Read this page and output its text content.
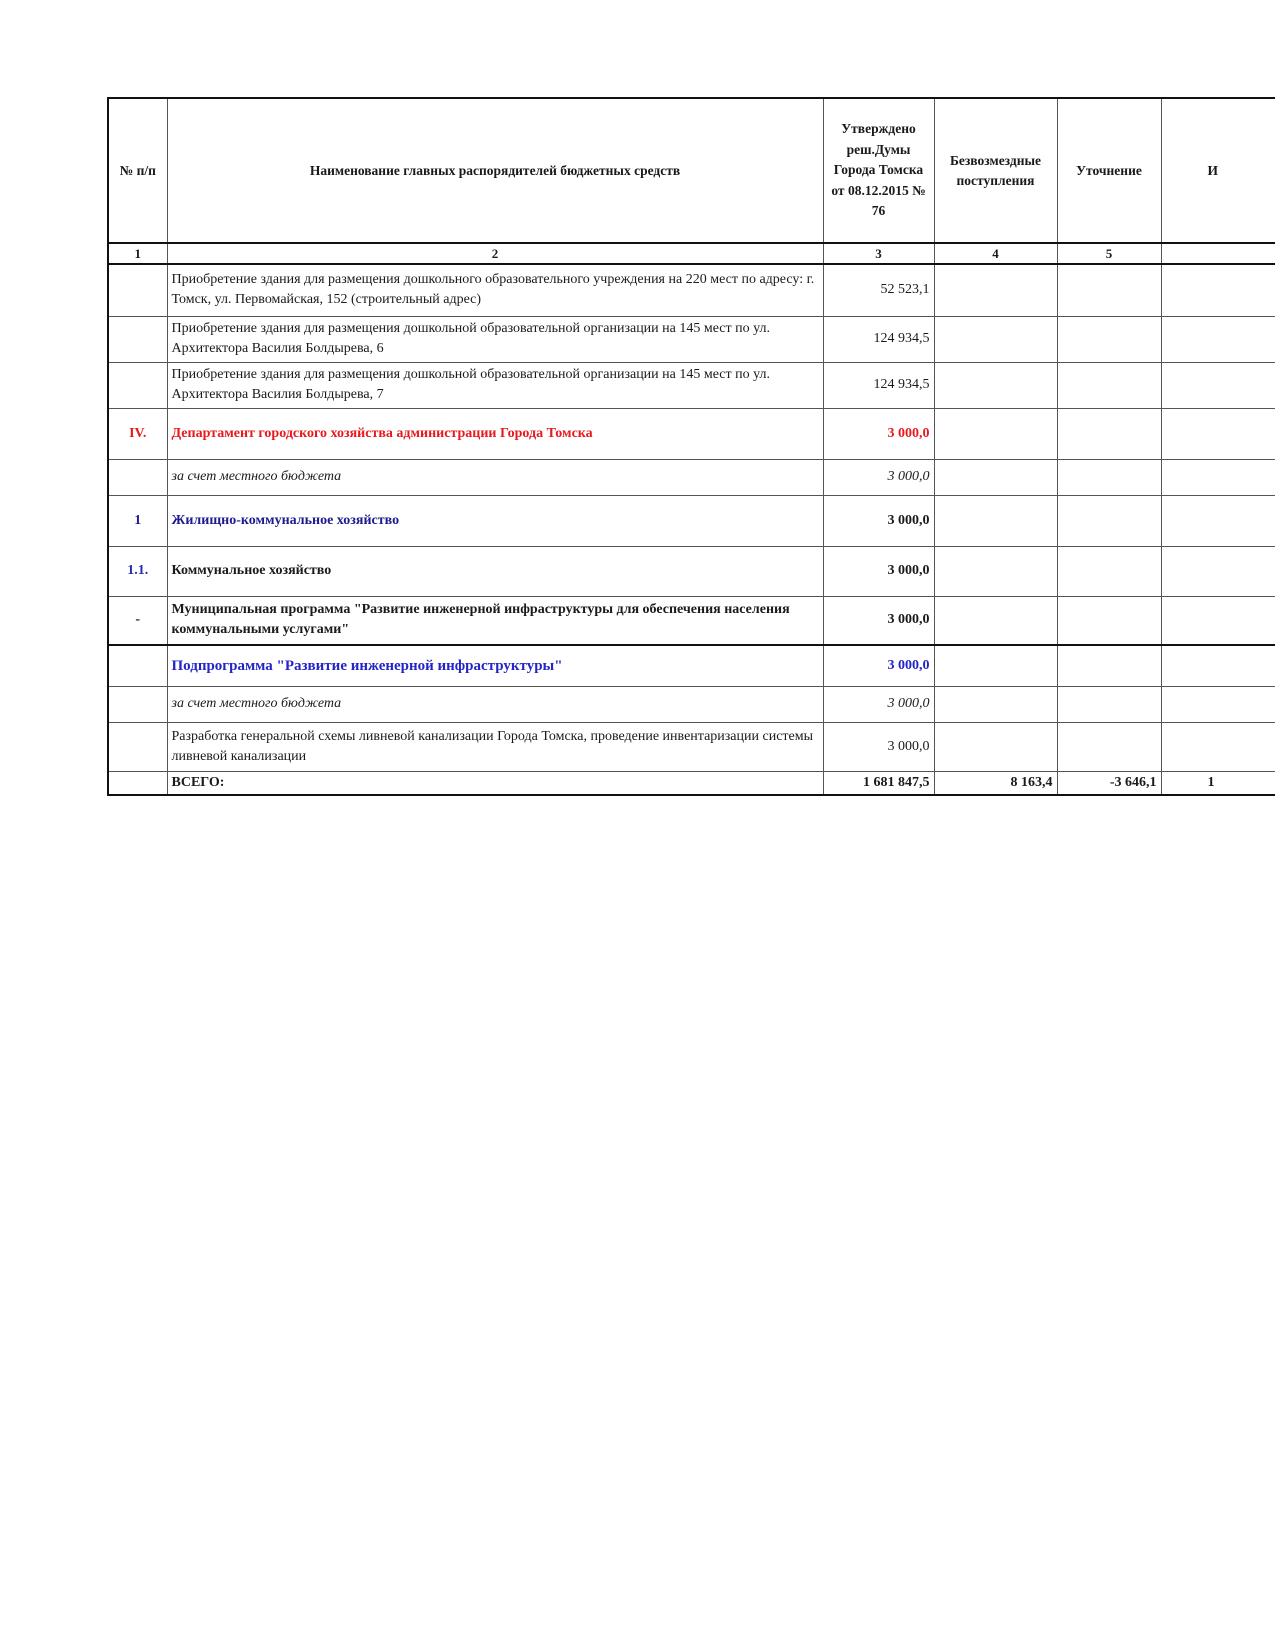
№ п/п	Наименование главных распорядителей бюджетных средств	Утверждено реш.Думы Города Томска от 08.12.2015 № 76	Безвозмездные поступления	Уточнение	И
1	2	3	4	5	
	Приобретение здания для размещения дошкольного образовательного учреждения на 220 мест по адресу: г. Томск, ул. Первомайская, 152 (строительный адрес)	52 523,1			
	Приобретение здания для размещения дошкольной образовательной организации на 145 мест по ул. Архитектора Василия Болдырева, 6	124 934,5			
	Приобретение здания для размещения дошкольной образовательной организации на 145 мест по ул. Архитектора Василия Болдырева, 7	124 934,5			
IV.	Департамент городского хозяйства администрации Города Томска	3 000,0			
	за счет местного бюджета	3 000,0			
1	Жилищно-коммунальное хозяйство	3 000,0			
1.1.	Коммунальное хозяйство	3 000,0			
-	Муниципальная программа "Развитие инженерной инфраструктуры для обеспечения населения коммунальными услугами"	3 000,0			
	Подпрограмма "Развитие инженерной инфраструктуры"	3 000,0			
	за счет местного бюджета	3 000,0			
	Разработка генеральной схемы ливневой канализации Города Томска, проведение инвентаризации системы ливневой канализации	3 000,0			
	ВСЕГО:	1 681 847,5	8 163,4	-3 646,1	1
